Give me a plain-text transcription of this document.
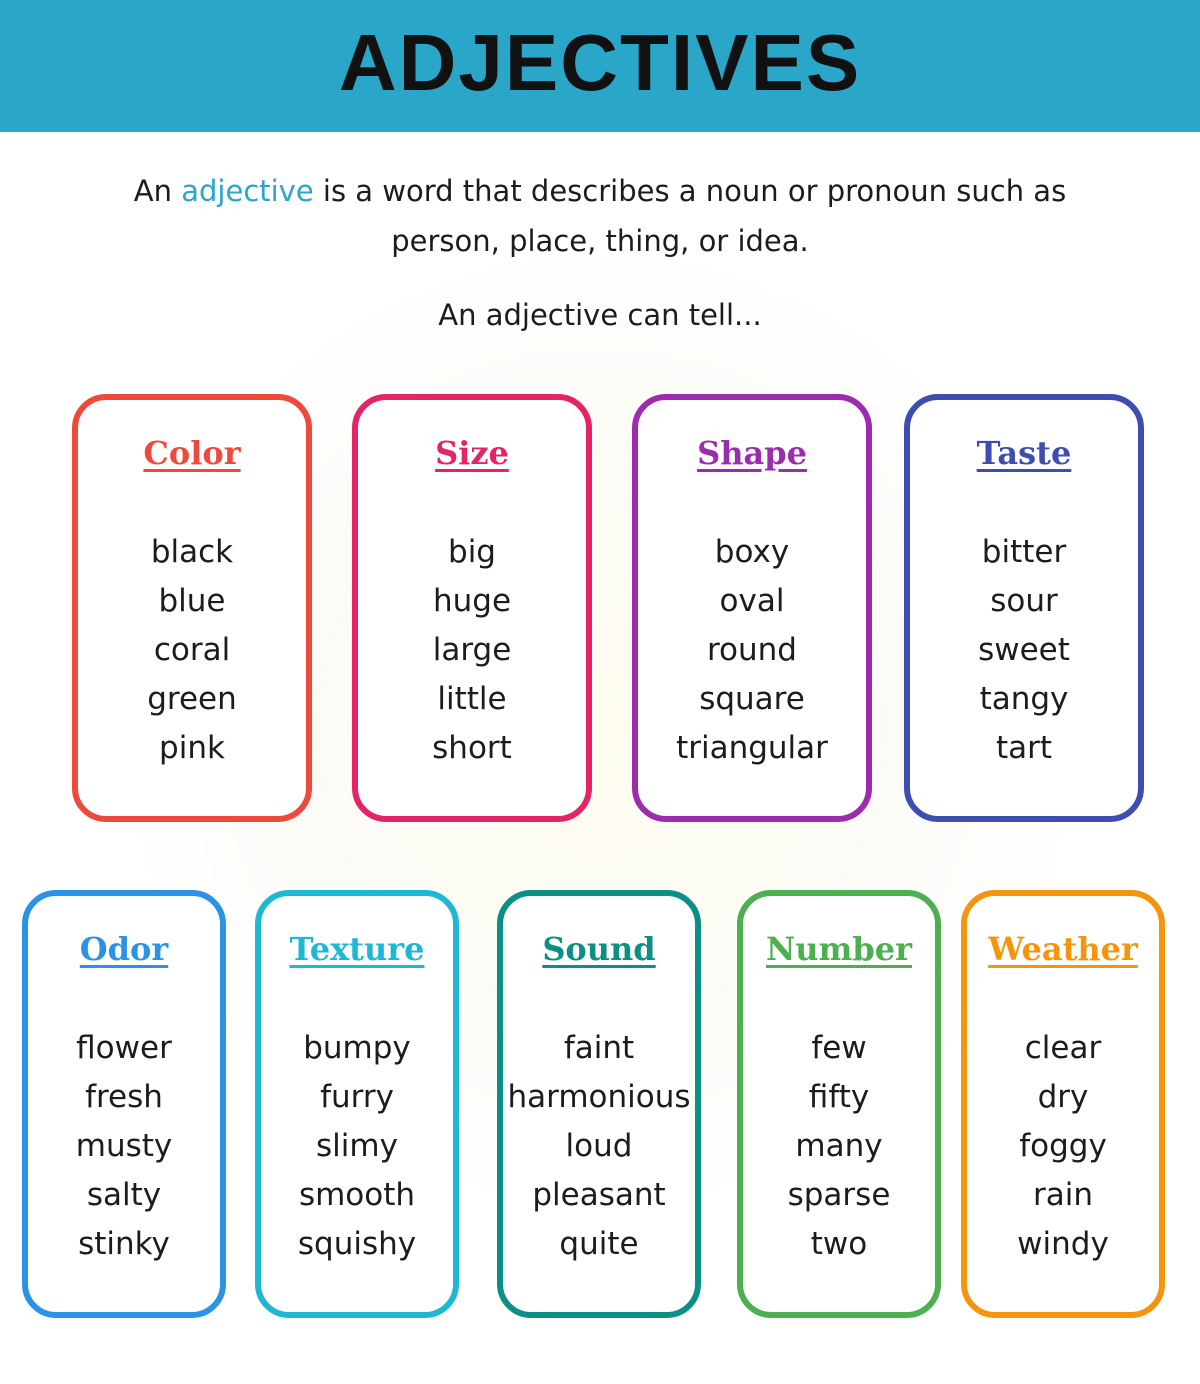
ADJECTIVES
An adjective is a word that describes a noun or pronoun such as
person, place, thing, or idea.
An adjective can tell...
Color
black
blue
coral
green
pink
Size
big
huge
large
little
short
Shape
boxy
oval
round
square
triangular
Taste
bitter
sour
sweet
tangy
tart
Odor
flower
fresh
musty
salty
stinky
Texture
bumpy
furry
slimy
smooth
squishy
Sound
faint
harmonious
loud
pleasant
quite
Number
few
fifty
many
sparse
two
Weather
clear
dry
foggy
rain
windy
